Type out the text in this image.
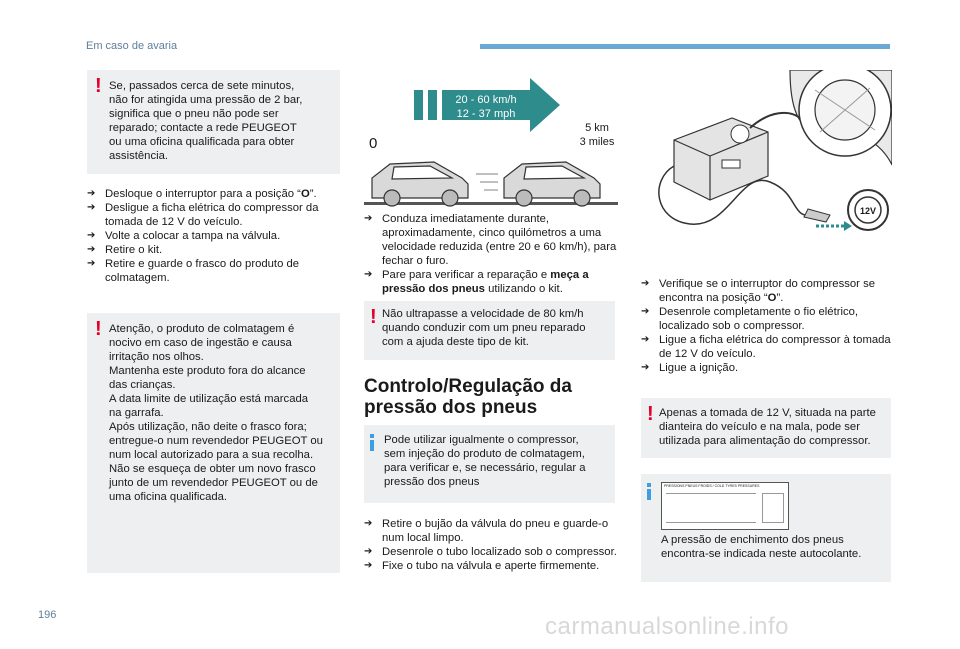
Em caso de avaria
! Se, passados cerca de sete minutos,
não for atingida uma pressão de 2 bar,
significa que o pneu não pode ser
reparado; contacte a rede PEUGEOT
ou uma oficina qualificada para obter
assistência.
➔ Desloque o interruptor para a posição “O”.
➔ Desligue a ficha elétrica do compressor da tomada de 12 V do veículo.
➔ Volte a colocar a tampa na válvula.
➔ Retire o kit.
➔ Retire e guarde o frasco do produto de colmatagem.
! Atenção, o produto de colmatagem é
nocivo em caso de ingestão e causa
irritação nos olhos.
Mantenha este produto fora do alcance
das crianças.
A data limite de utilização está marcada
na garrafa.
Após utilização, não deite o frasco fora;
entregue-o num revendedor PEUGEOT ou
num local autorizado para a sua recolha.
Não se esqueça de obter um novo frasco
junto de um revendedor PEUGEOT ou de
uma oficina qualificada.
20 - 60 km/h
12 - 37 mph
0
5 km
3 miles
➔ Conduza imediatamente durante, aproximadamente, cinco quilómetros a uma velocidade reduzida (entre 20 e 60 km/h), para fechar o furo.
➔ Pare para verificar a reparação e meça a pressão dos pneus utilizando o kit.
! Não ultrapasse a velocidade de 80 km/h
quando conduzir com um pneu reparado
com a ajuda deste tipo de kit.
Controlo/Regulação da
pressão dos pneus
Pode utilizar igualmente o compressor,
sem injeção do produto de colmatagem,
para verificar e, se necessário, regular a
pressão dos pneus
➔ Retire o bujão da válvula do pneu e guarde-o num local limpo.
➔ Desenrole o tubo localizado sob o compressor.
➔ Fixe o tubo na válvula e aperte firmemente.
12V
➔ Verifique se o interruptor do compressor se encontra na posição “O”.
➔ Desenrole completamente o fio elétrico, localizado sob o compressor.
➔ Ligue a ficha elétrica do compressor à tomada de 12 V do veículo.
➔ Ligue a ignição.
! Apenas a tomada de 12 V, situada na parte
dianteira do veículo e na mala, pode ser
utilizada para alimentação do compressor.
PRESSIONS PNEUS FROIDS / COLD TYRES PRESSURES
A pressão de enchimento dos pneus
encontra-se indicada neste autocolante.
196	carmanualsonline.info
